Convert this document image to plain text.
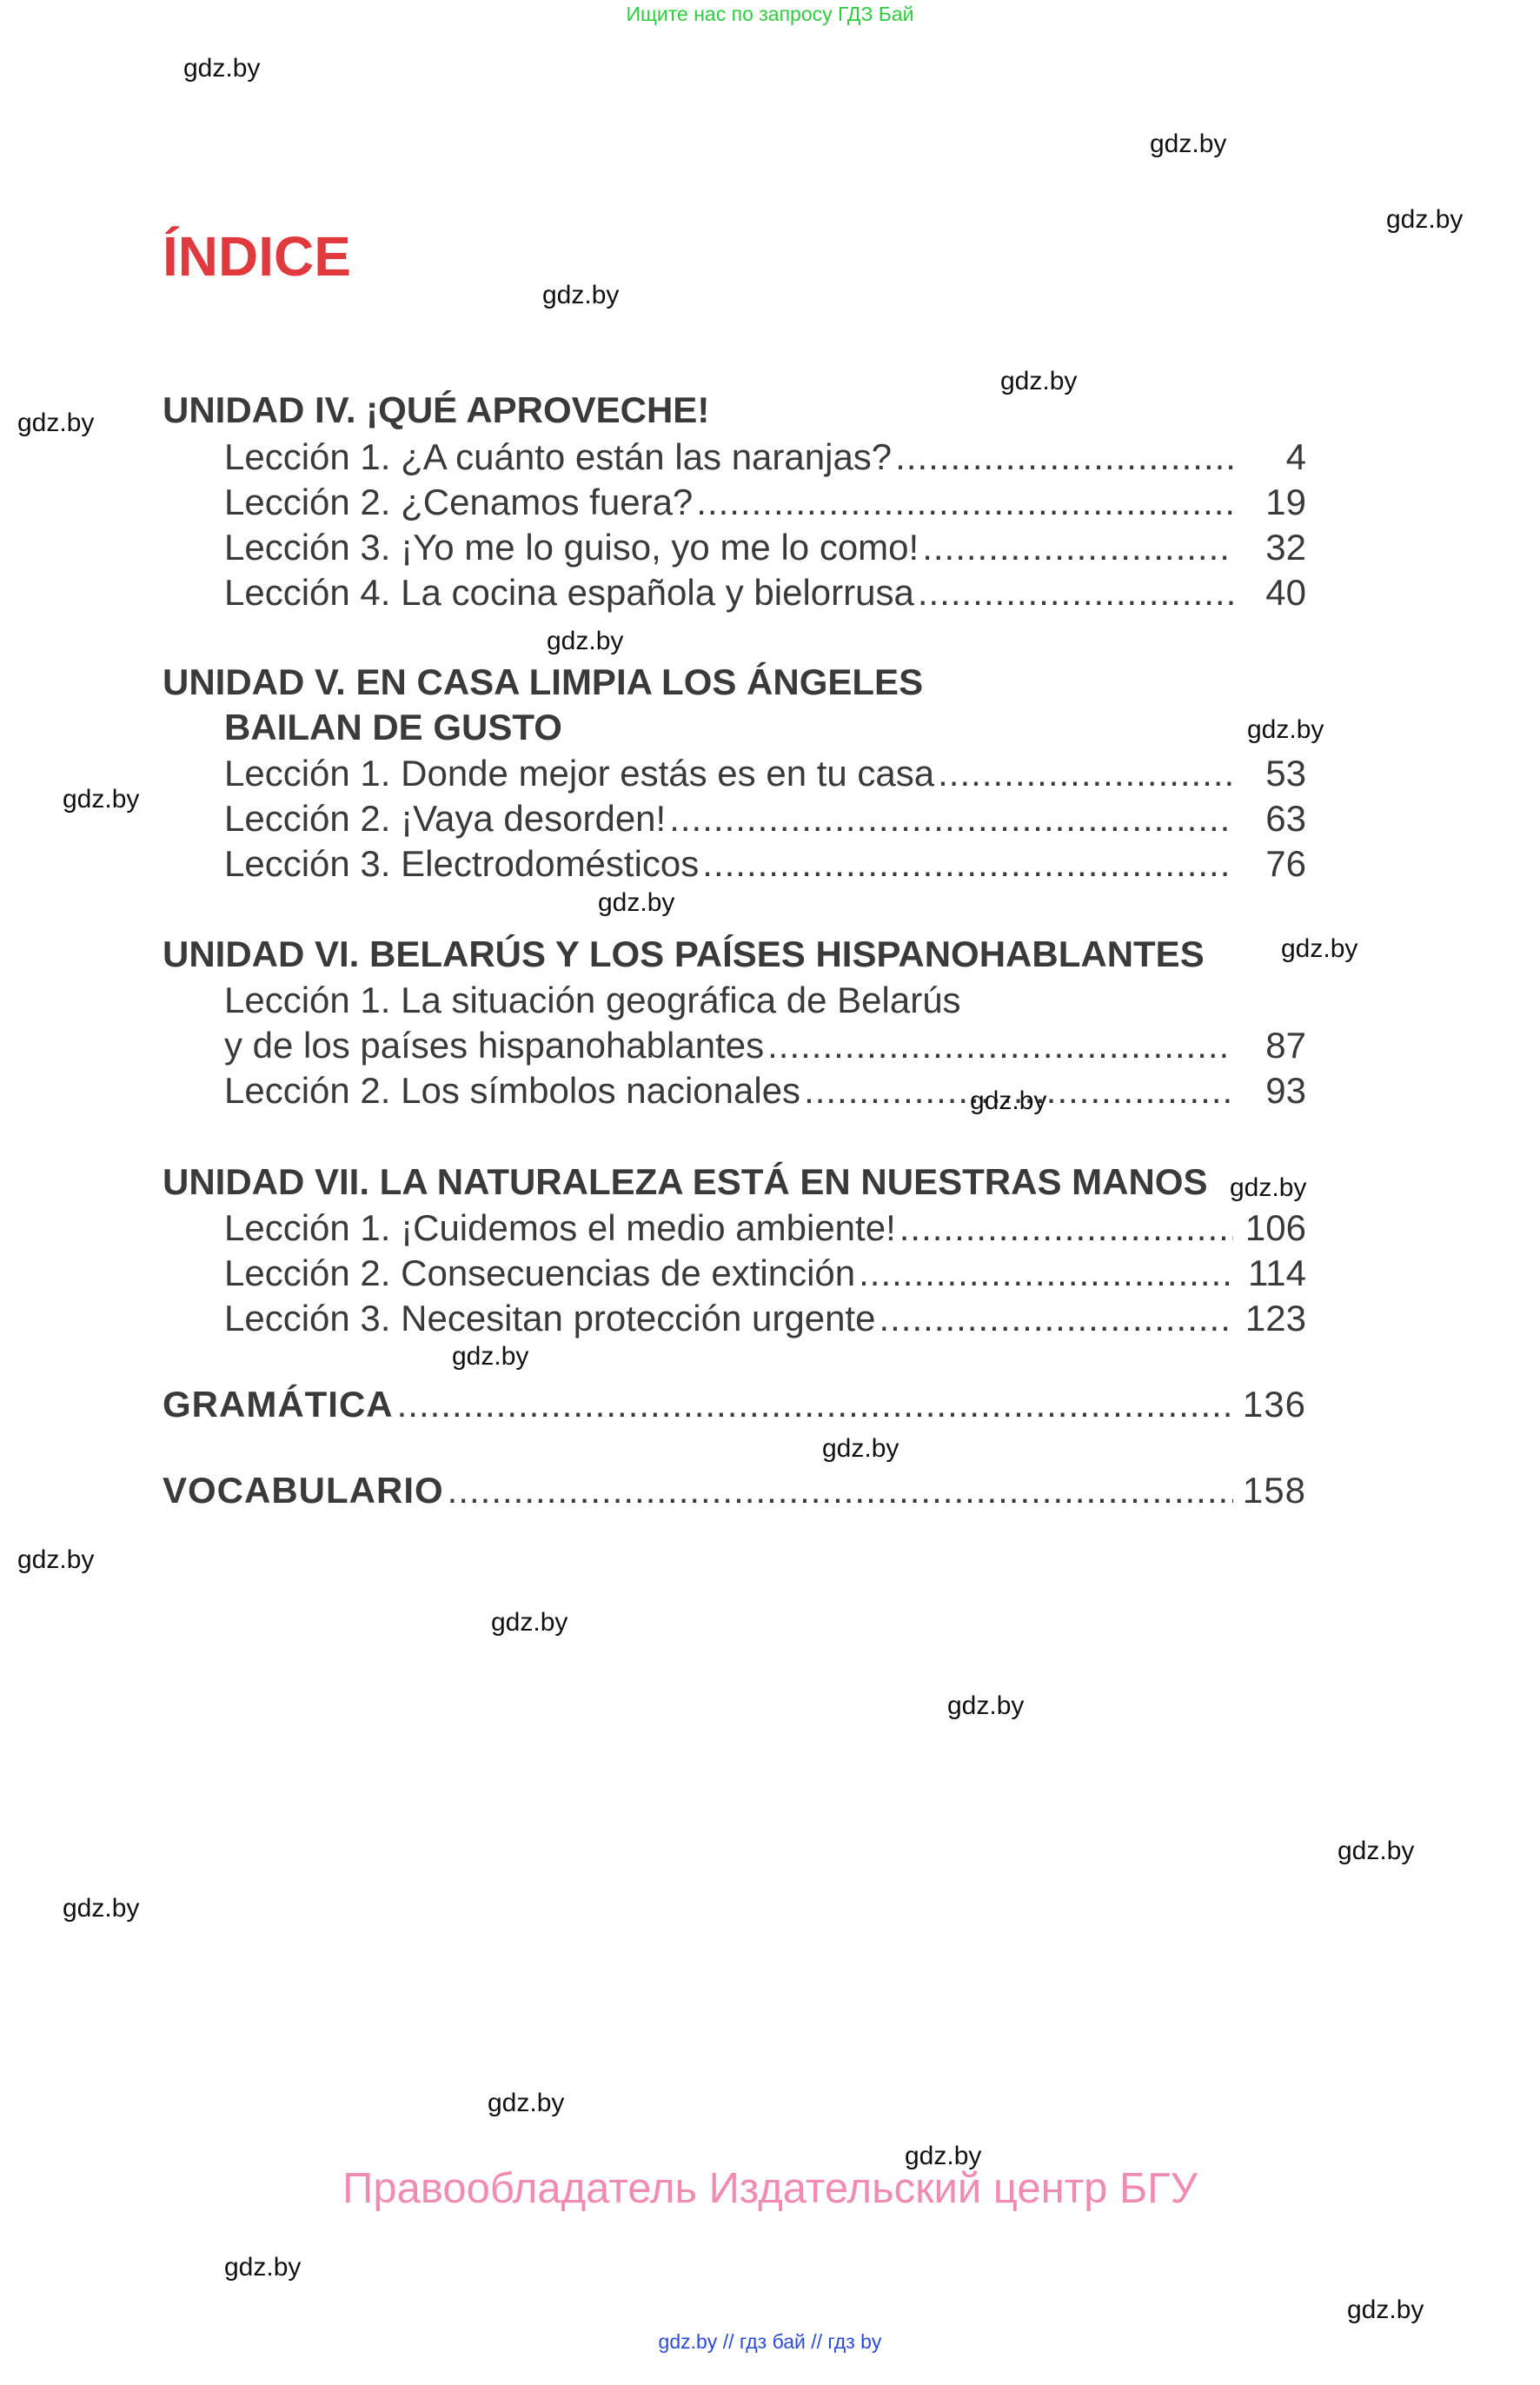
Ищите нас по запросу ГДЗ Бай
ÍNDICE
UNIDAD IV. ¡QUÉ APROVECHE!
Lección 1. ¿A cuánto están las naranjas? .....	4
Lección 2. ¿Cenamos fuera? .....	19
Lección 3. ¡Yo me lo guiso, yo me lo como! .....	32
Lección 4. La cocina española y bielorrusa .....	40
UNIDAD V. EN CASA LIMPIA LOS ÁNGELES
BAILAN DE GUSTO
Lección 1. Donde mejor estás es en tu casa .....	53
Lección 2. ¡Vaya desorden! .....	63
Lección 3. Electrodomésticos .....	76
UNIDAD VI. BELARÚS Y LOS PAÍSES HISPANOHABLANTES
Lección 1. La situación geográfica de Belarús
y de los países hispanohablantes .....	87
Lección 2. Los símbolos nacionales .....	93
UNIDAD VII. LA NATURALEZA ESTÁ EN NUESTRAS MANOS
Lección 1. ¡Cuidemos el medio ambiente! .....	106
Lección 2. Consecuencias de extinción .....	114
Lección 3. Necesitan protección urgente .....	123
GRAMÁTICA .....	136
VOCABULARIO .....	158
gdz.by
gdz.by
gdz.by
gdz.by
gdz.by
gdz.by
gdz.by
gdz.by
gdz.by
gdz.by
gdz.by
gdz.by
gdz.by
gdz.by
gdz.by
gdz.by
gdz.by
gdz.by
gdz.by
gdz.by
gdz.by
gdz.by
gdz.by
gdz.by
Правообладатель Издательский центр БГУ
gdz.by // гдз бай // гдз by
